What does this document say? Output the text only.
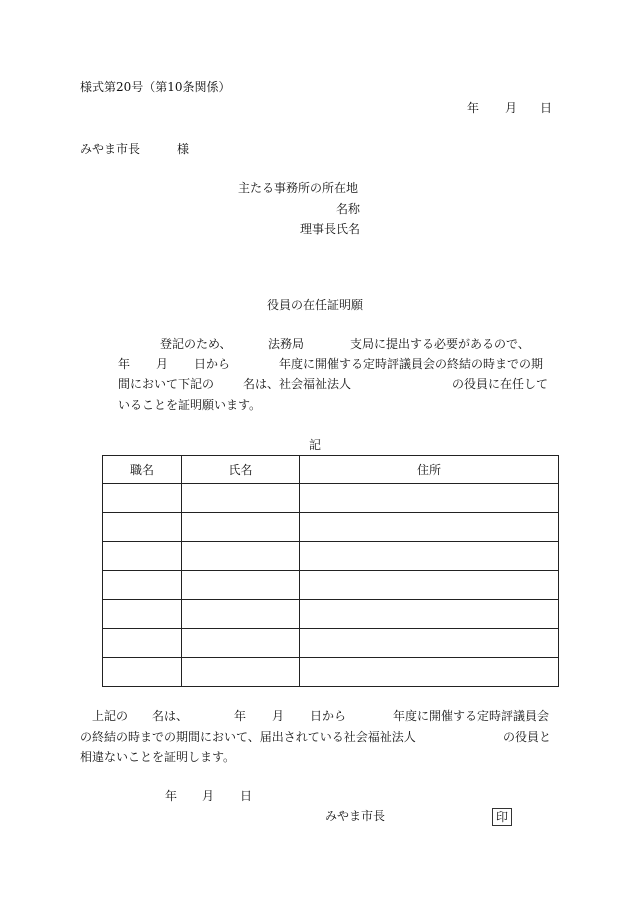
様式第20号（第10条関係）
年 月 日
みやま市長	様
主たる事務所の所在地
名称
理事長氏名
役員の在任証明願
登記のため、	法務局	支局に提出する必要があるので、
年 月 日から	年度に開催する定時評議員会の終結の時までの期
間において下記の 名は、社会福祉法人	の役員に在任して
いることを証明願います。
記
職名	氏名	住所

上記の 名は、	年 月 日から	年度に開催する定時評議員会
の終結の時までの期間において、届出されている社会福祉法人	の役員と
相違ないことを証明します。
年 月 日
みやま市長	印
